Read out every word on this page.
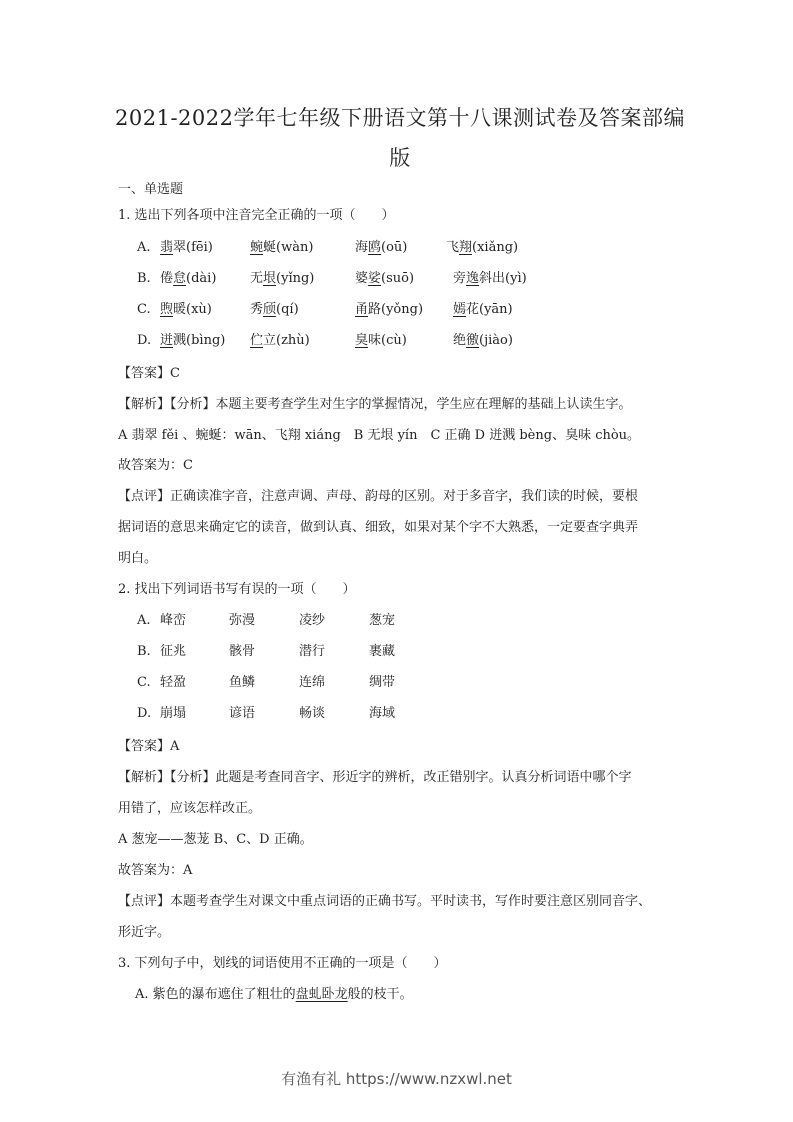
2021-2022学年七年级下册语文第十八课测试卷及答案部编
版
一、单选题
1. 选出下列各项中注音完全正确的一项（　　）
A. 翡翠(fēi)	蜿蜒(wàn)	海鸥(oū)	飞翔(xiǎng)
B. 倦怠(dài)	无垠(yǐng)	婆娑(suō)	旁逸斜出(yì)
C. 煦暖(xù)	秀颀(qí)	甬路(yǒng) 嫣花(yān)
D. 迸溅(bìng) 伫立(zhù)	臭味(cù)	绝徼(jiào)
【答案】C
【解析】【分析】本题主要考查学生对生字的掌握情况，学生应在理解的基础上认读生字。
A 翡翠 fěi 、蜿蜒：wān、飞翔 xiáng　B 无垠 yín　C 正确 D 迸溅 bèng、臭味 chòu。
故答案为：C
【点评】正确读准字音，注意声调、声母、韵母的区别。对于多音字，我们读的时候，要根
据词语的意思来确定它的读音，做到认真、细致，如果对某个字不大熟悉，一定要查字典弄
明白。
2. 找出下列词语书写有误的一项（　　）
A. 峰峦	弥漫	凌纱	葱宠
B. 征兆	骸骨	潜行	裹藏
C. 轻盈	鱼鳞	连绵	绸带
D. 崩塌	谚语	畅谈	海域
【答案】A
【解析】【分析】此题是考查同音字、形近字的辨析，改正错别字。认真分析词语中哪个字
用错了，应该怎样改正。
A 葱宠——葱茏 B、C、D 正确。
故答案为：A
【点评】本题考查学生对课文中重点词语的正确书写。平时读书，写作时要注意区别同音字、
形近字。
3. 下列句子中，划线的词语使用不正确的一项是（　　）
A. 紫色的瀑布遮住了粗壮的盘虬卧龙般的枝干。
有渔有礼 https://www.nzxwl.net
